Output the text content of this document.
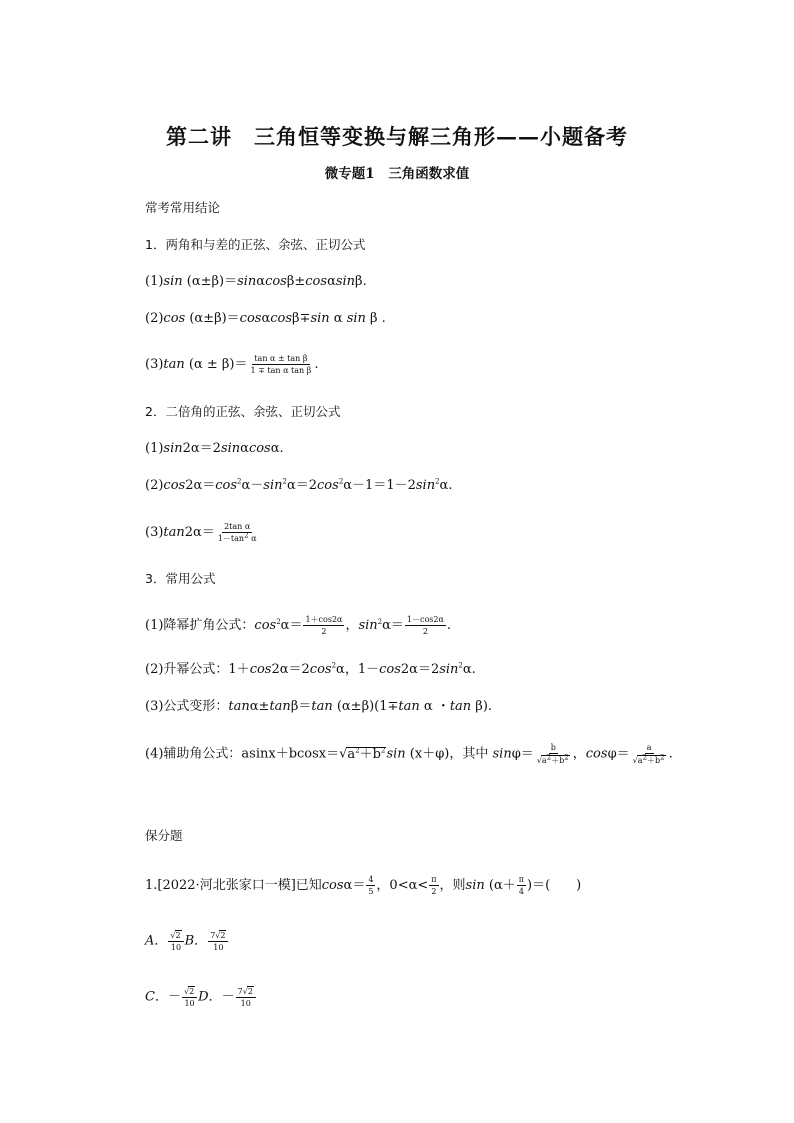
第二讲　三角恒等变换与解三角形——小题备考
微专题1　三角函数求值
常考常用结论
1．两角和与差的正弦、余弦、正切公式
(1)sin (α±β)＝sinαcosβ±cosαsinβ.
(2)cos (α±β)＝cosαcosβ∓sin α sin β .
(3)tan $(\alpha \pm \beta)= \frac{\text{tan α ± tan β}}{\text{1 ∓ tan α tan β}}$ .
2．二倍角的正弦、余弦、正切公式
(1)sin2α＝2sinαcosα.
$(2)\cos 2\alpha=\cos^2\alpha-\sin^2\alpha=2\cos^2\alpha-1=1-2\sin^2\alpha$.
$(3)\tan 2\alpha= \frac{\text{2tan α}}{1-\tan^2 \alpha}$
3．常用公式
(1)降幂扩角公式：$\cos^2\alpha= \frac{1+\cos 2\alpha}{2}$ ，$\sin^2\alpha= \frac{1-\cos 2\alpha}{2}$ .
(2)升幂公式：$1+\cos 2\alpha=2\cos^2\alpha$，$1-\cos 2\alpha=2\sin^2\alpha$.
(3)公式变形：tanα±tanβ＝tan (α±β)(1∓tan α ・tan β).
(4)辅助角公式：$asinx+bcosx=√a^2+b^2\sin$ (x＋φ)，其中 $\sin\varphi= \frac{b}{√a^2+b^2}$ ，$\cos\varphi= \frac{a}{√a^2+b^2}$ .
保分题
1.[2022·河北张家口一模]已知$\cos\alpha= \frac{4}{5}$ ，$0<\alpha< \frac{\pi}{2}$ ，则$\sin (\alpha+ \frac{\pi}{4}$ )＝(　　)
A． $\frac{√2}{10}$ B． $\frac{7√2}{10}$
C．－ $\frac{√2}{10}$ D．－ $\frac{7√2}{10}$
